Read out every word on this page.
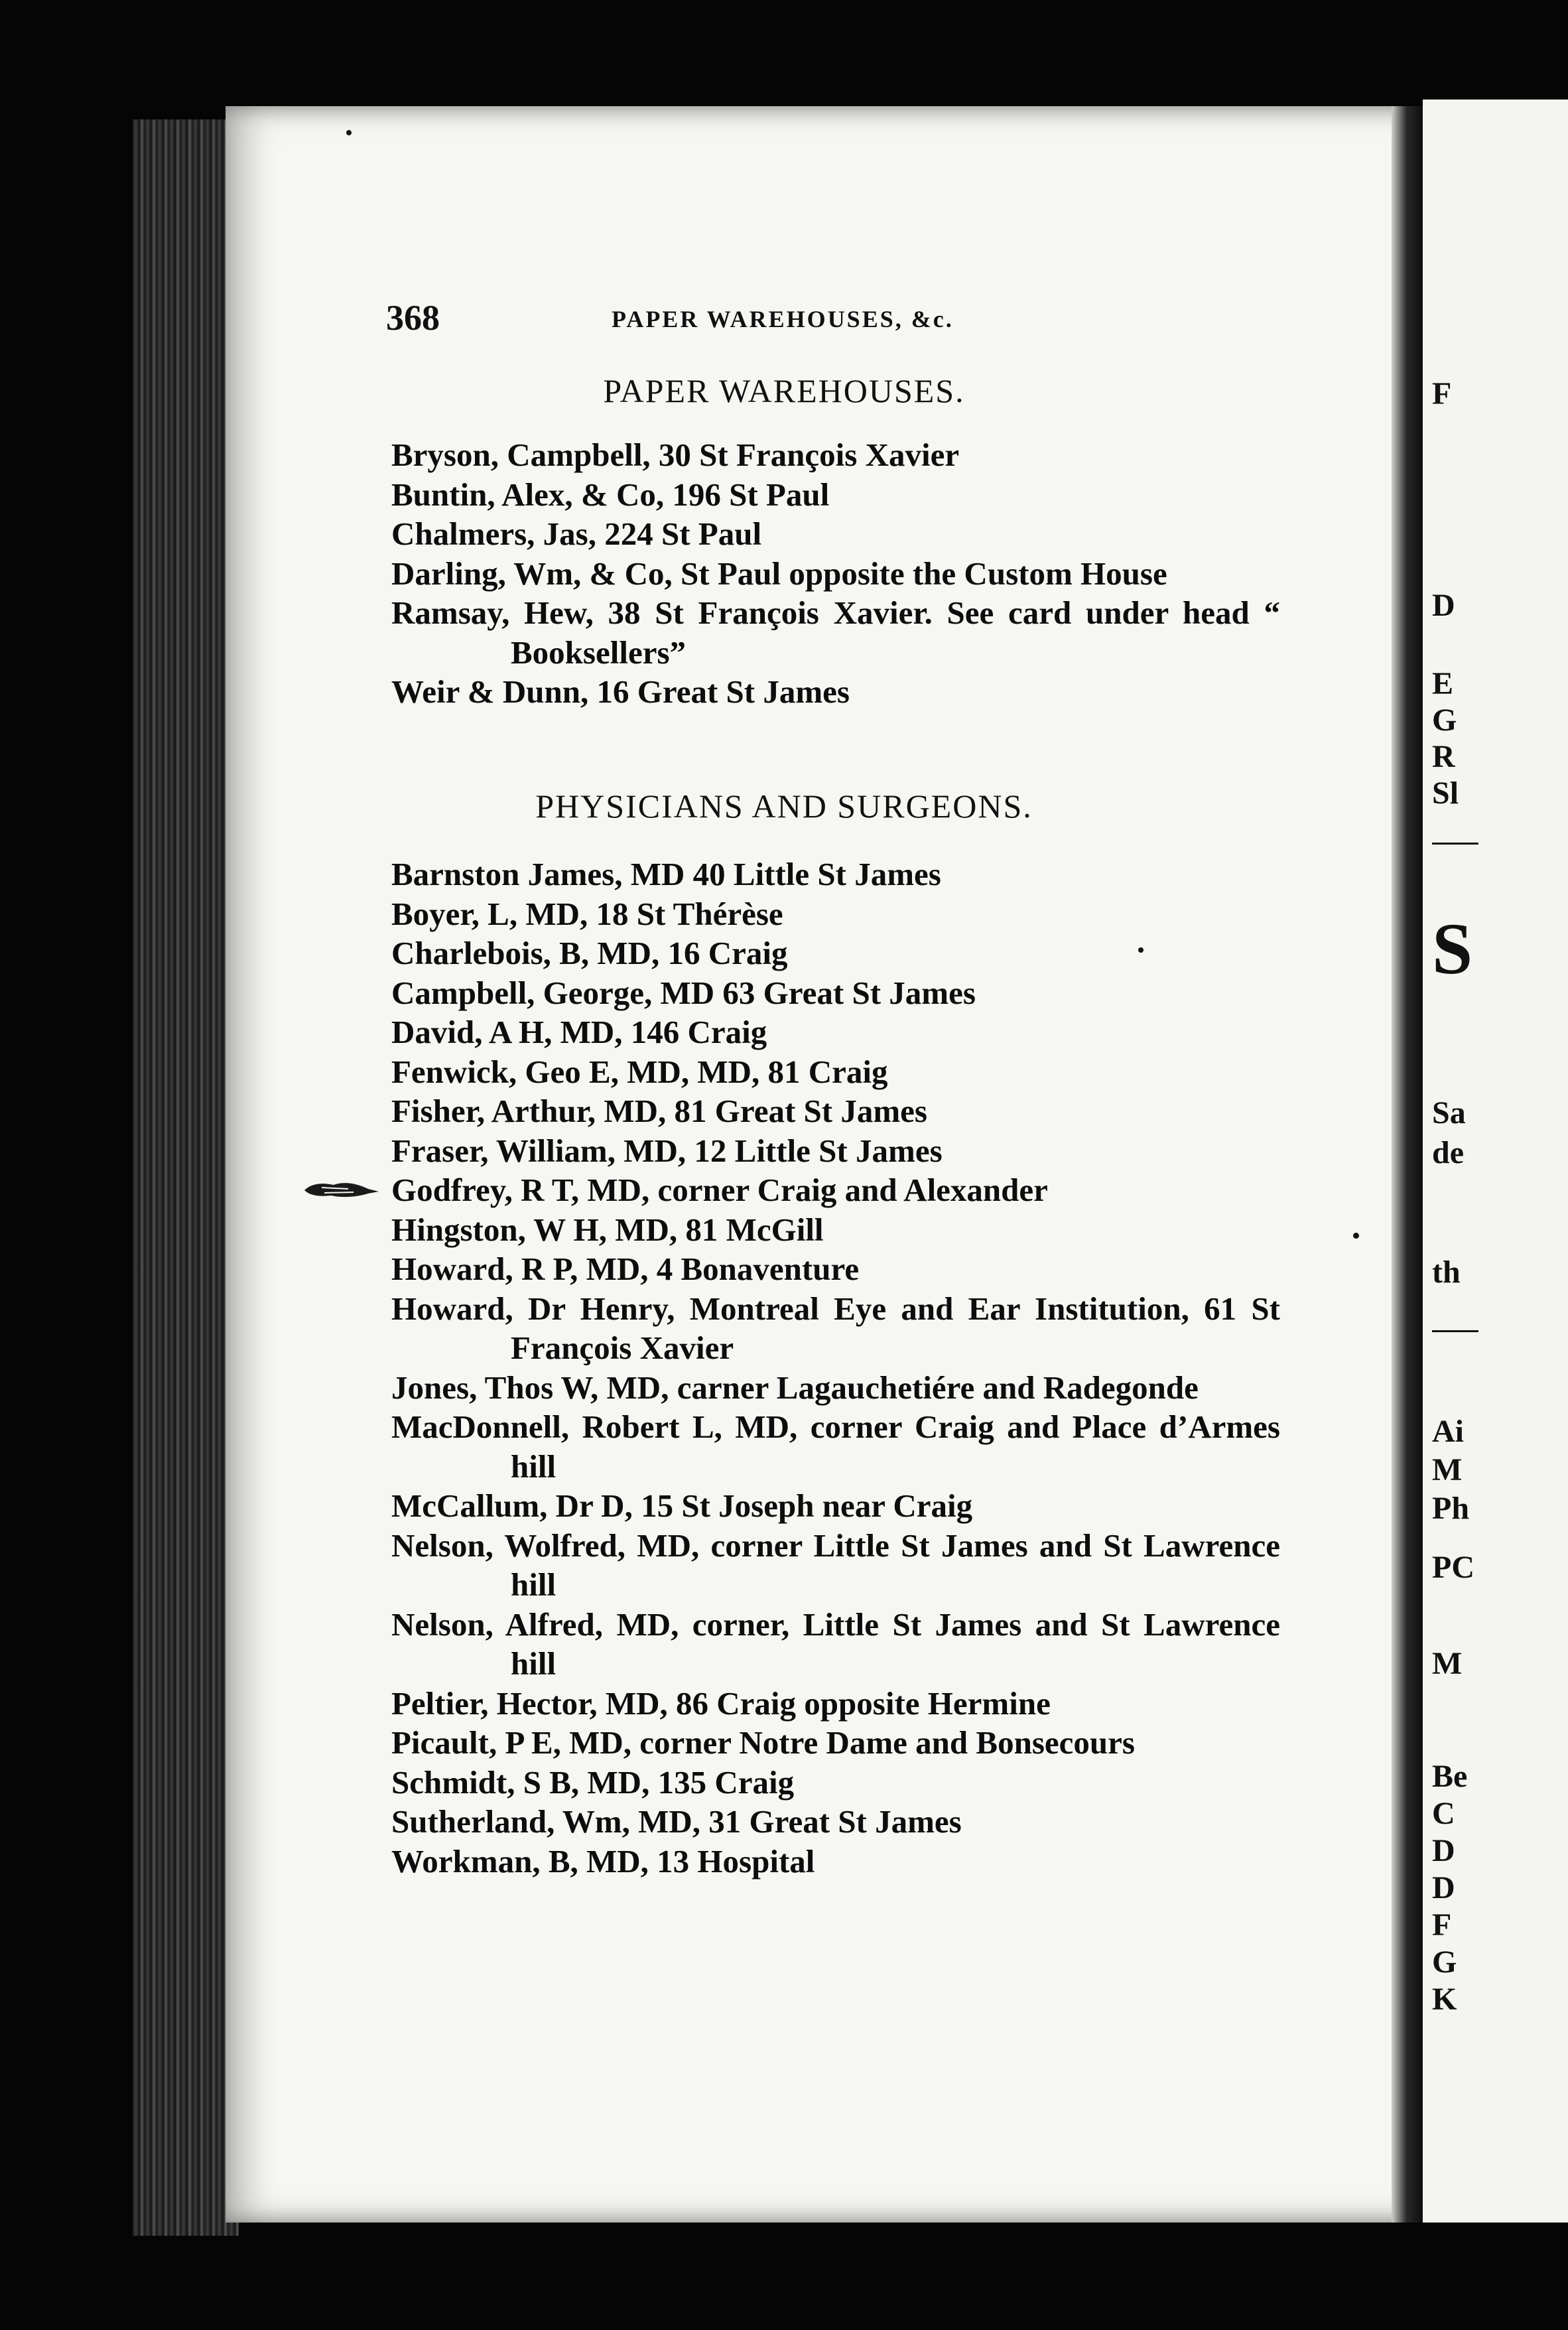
F
D
E
G
R
Sl
S
Sa
de
th
Ai
M
Ph
PC
M
Be
C
D
D
F
G
K
368	PAPER WAREHOUSES, &c.
PAPER WAREHOUSES.
Bryson, Campbell, 30 St François Xavier
Buntin, Alex, & Co, 196 St Paul
Chalmers, Jas, 224 St Paul
Darling, Wm, & Co, St Paul opposite the Custom House
Ramsay, Hew, 38 St François Xavier. See card under head “ Booksellers”
Weir & Dunn, 16 Great St James
PHYSICIANS AND SURGEONS.
Barnston James, MD 40 Little St James
Boyer, L, MD, 18 St Thérèse
Charlebois, B, MD, 16 Craig
Campbell, George, MD 63 Great St James
David, A H, MD, 146 Craig
Fenwick, Geo E, MD, MD, 81 Craig
Fisher, Arthur, MD, 81 Great St James
Fraser, William, MD, 12 Little St James
Godfrey, R T, MD, corner Craig and Alexander
Hingston, W H, MD, 81 McGill
Howard, R P, MD, 4 Bonaventure
Howard, Dr Henry, Montreal Eye and Ear Institution, 61 St François Xavier
Jones, Thos W, MD, carner Lagauchetiére and Radegonde
MacDonnell, Robert L, MD, corner Craig and Place d’Armes hill
McCallum, Dr D, 15 St Joseph near Craig
Nelson, Wolfred, MD, corner Little St James and St Lawrence hill
Nelson, Alfred, MD, corner, Little St James and St Lawrence hill
Peltier, Hector, MD, 86 Craig opposite Hermine
Picault, P E, MD, corner Notre Dame and Bonsecours
Schmidt, S B, MD, 135 Craig
Sutherland, Wm, MD, 31 Great St James
Workman, B, MD, 13 Hospital
